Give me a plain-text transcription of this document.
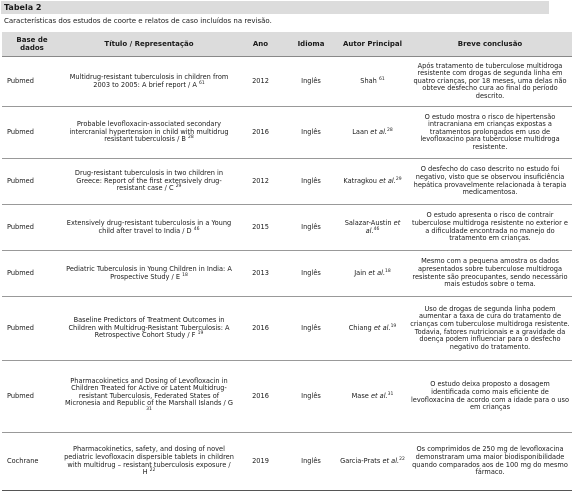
Tabela 2
Características dos estudos de coorte e relatos de caso incluídos na revisão.
Base de dados	Título / Representação	Ano	Idioma	Autor Principal	Breve conclusão
Pubmed	Multidrug-resistant tuberculosis in children from 2003 to 2005: A brief report / A $^{61}$	2012	Inglês	Shah $^{61}$	Após tratamento de tuberculose multidroga resistente com drogas de segunda linha em quatro crianças, por 18 meses, uma delas não obteve desfecho cura ao final do período descrito.
Pubmed	Probable levofloxacin-associated secondary intercranial hypertension in child with multidrug resistant tuberculosis / B $^{28}$	2016	Inglês	Laan et al.$^{28}$	O estudo mostra o risco de hipertensão intracraniana em crianças expostas a tratamentos prolongados em uso de levofloxacino para tuberculose multidroga resistente.
Pubmed	Drug-resistant tuberculosis in two children in Greece: Report of the first extensively drug-resistant case / C $^{29}$	2012	Inglês	Katragkou et al.$^{29}$	O desfecho do caso descrito no estudo foi negativo, visto que se observou insuficiência hepática provavelmente relacionada à terapia medicamentosa.
Pubmed	Extensively drug-resistant tuberculosis in a Young child after travel to India / D $^{46}$	2015	Inglês	Salazar-Austin et al.$^{46}$	O estudo apresenta o risco de contrair tuberculose multidroga resistente no exterior e a dificuldade encontrada no manejo do tratamento em crianças.
Pubmed	Pediatric Tuberculosis in Young Children in India: A Prospective Study / E $^{18}$	2013	Inglês	Jain et al.$^{18}$	Mesmo com a pequena amostra os dados apresentados sobre tuberculose multidroga resistente são preocupantes, sendo necessário mais estudos sobre o tema.
Pubmed	Baseline Predictors of Treatment Outcomes in Children with Multidrug-Resistant Tuberculosis: A Retrospective Cohort Study / F $^{19}$	2016	Inglês	Chiang et al.$^{19}$	Uso de drogas de segunda linha podem aumentar a taxa de cura do tratamento de crianças com tuberculose multidroga resistente. Todavia, fatores nutricionais e a gravidade da doença podem influenciar para o desfecho negativo do tratamento.
Pubmed	Pharmacokinetics and Dosing of Levofloxacin in Children Treated for Active or Latent Multidrug-resistant Tuberculosis, Federated States of Micronesia and Republic of the Marshall Islands / G $^{31}$	2016	Inglês	Mase et al.$^{31}$	O estudo deixa proposto a dosagem identificada como mais eficiente de levofloxacina de acordo com a idade para o uso em crianças
Cochrane	Pharmacokinetics, safety, and dosing of novel pediatric levofloxacin dispersible tablets in children with multidrug – resistant tuberculosis exposure / H $^{22}$	2019	Inglês	Garcia-Prats et al.$^{22}$	Os comprimidos de 250 mg de levofloxacina demonstraram uma maior biodisponibilidade quando comparados aos de 100 mg do mesmo fármaco.
